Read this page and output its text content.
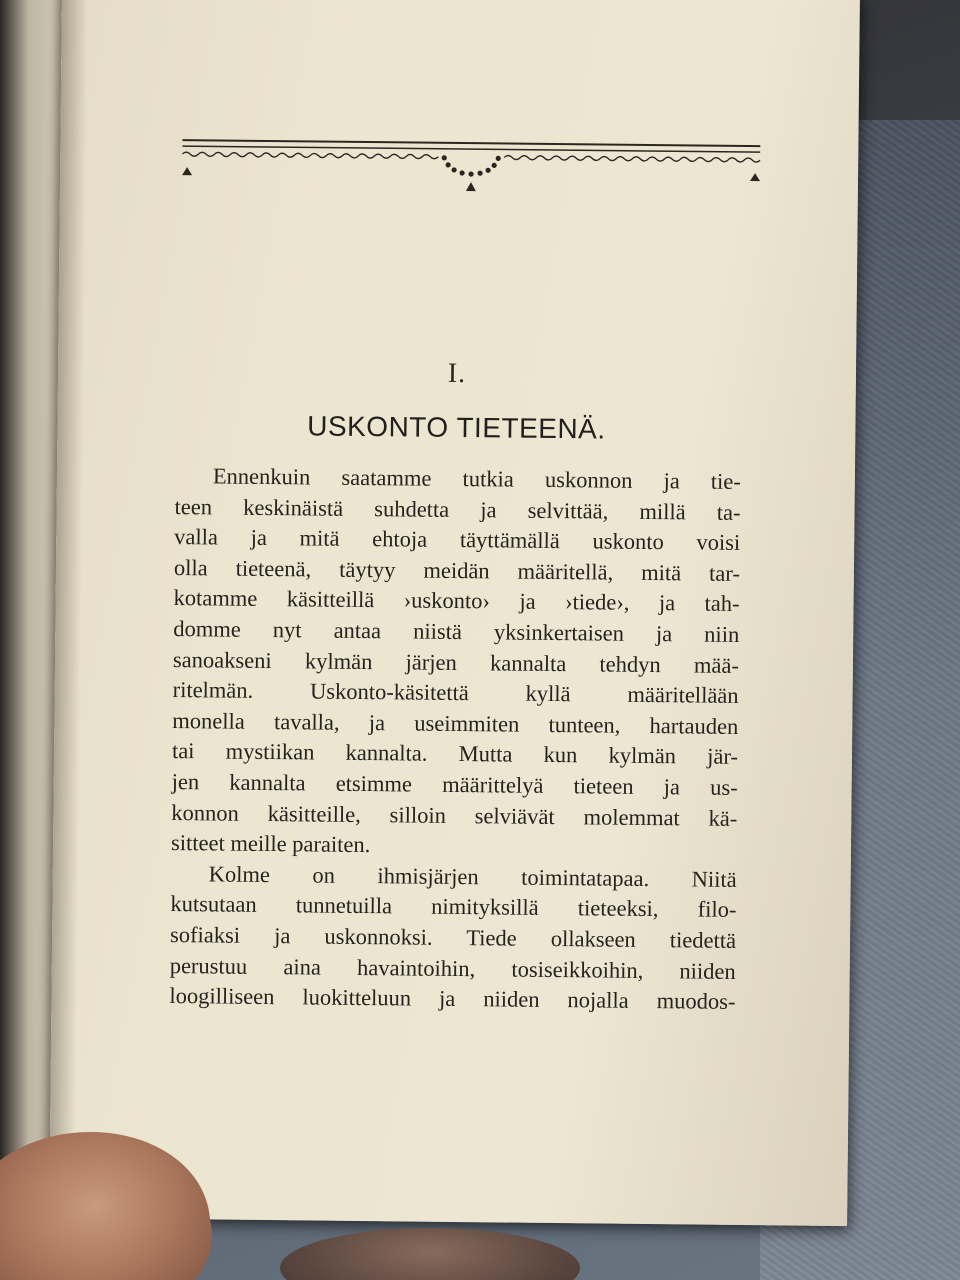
I.
USKONTO TIETEENÄ.
Ennenkuin saatamme tutkia uskonnon ja tie-
teen keskinäistä suhdetta ja selvittää, millä ta-
valla ja mitä ehtoja täyttämällä uskonto voisi
olla tieteenä, täytyy meidän määritellä, mitä tar-
kotamme käsitteillä ›uskonto› ja ›tiede›, ja tah-
domme nyt antaa niistä yksinkertaisen ja niin
sanoakseni kylmän järjen kannalta tehdyn mää-
ritelmän. Uskonto-käsitettä kyllä määritellään
monella tavalla, ja useimmiten tunteen, hartauden
tai mystiikan kannalta. Mutta kun kylmän jär-
jen kannalta etsimme määrittelyä tieteen ja us-
konnon käsitteille, silloin selviävät molemmat kä-
sitteet meille paraiten.
Kolme on ihmisjärjen toimintatapaa. Niitä
kutsutaan tunnetuilla nimityksillä tieteeksi, filo-
sofiaksi ja uskonnoksi. Tiede ollakseen tiedettä
perustuu aina havaintoihin, tosiseikkoihin, niiden
loogilliseen luokitteluun ja niiden nojalla muodos-
